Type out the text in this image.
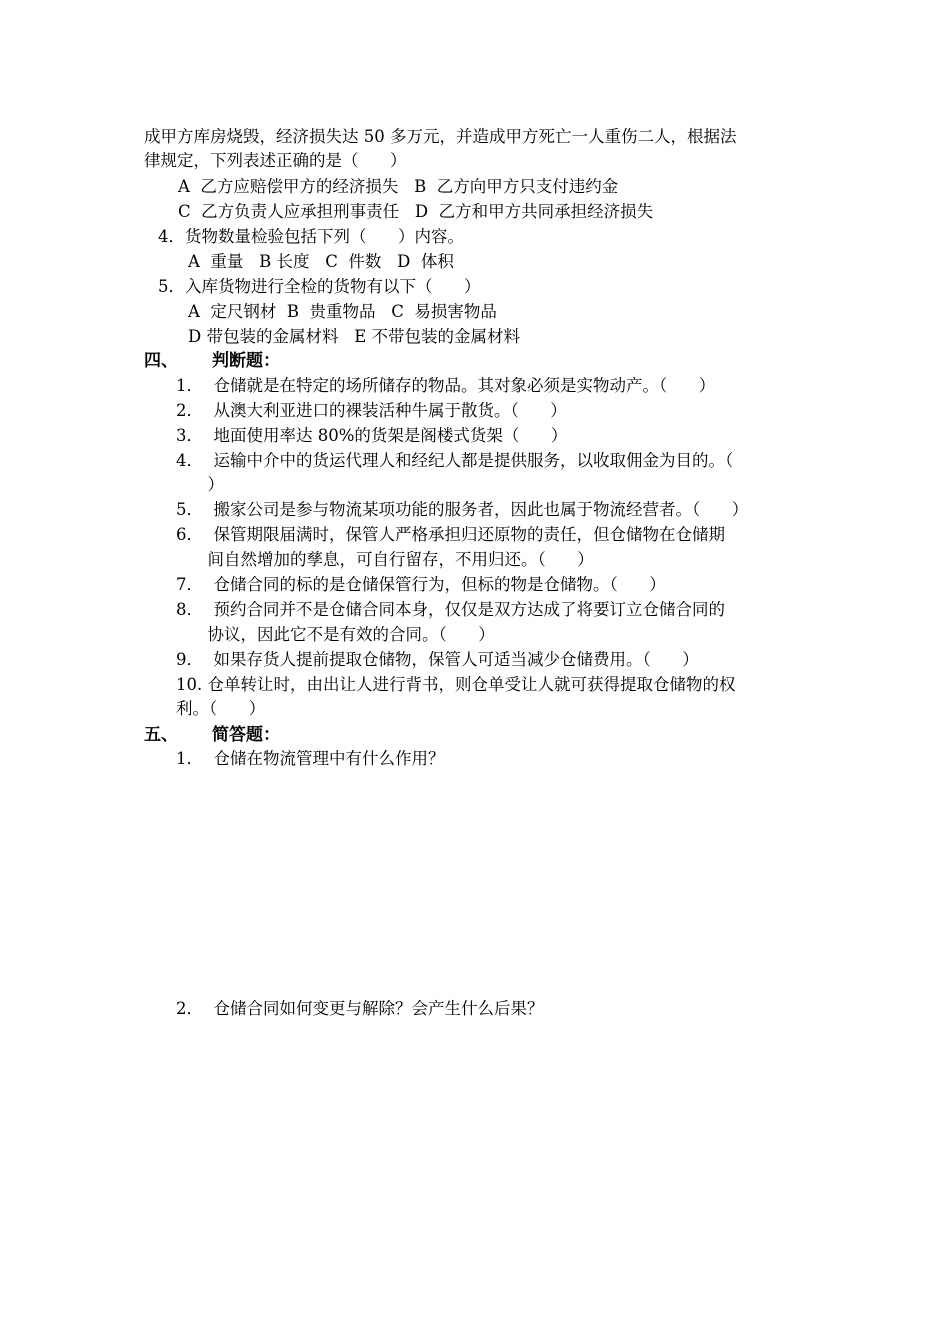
成甲方库房烧毁，经济损失达 50 多万元，并造成甲方死亡一人重伤二人，根据法
律规定，下列表述正确的是（      ）
A  乙方应赔偿甲方的经济损失   B  乙方向甲方只支付违约金
C  乙方负责人应承担刑事责任   D  乙方和甲方共同承担经济损失
4．货物数量检验包括下列（      ）内容。
A  重量   B 长度   C  件数   D  体积
5．入库货物进行全检的货物有以下（      ）
A  定尺钢材  B  贵重物品   C  易损害物品
D 带包装的金属材料   E 不带包装的金属材料
四、 判断题：
1．  仓储就是在特定的场所储存的物品。其对象必须是实物动产。（      ）
2．  从澳大利亚进口的裸装活种牛属于散货。（      ）
3．  地面使用率达 80%的货架是阁楼式货架（      ）
4．  运输中介中的货运代理人和经纪人都是提供服务，以收取佣金为目的。（
）
5．  搬家公司是参与物流某项功能的服务者，因此也属于物流经营者。（      ）
6．  保管期限届满时，保管人严格承担归还原物的责任，但仓储物在仓储期
间自然增加的孳息，可自行留存，不用归还。（      ）
7．  仓储合同的标的是仓储保管行为，但标的物是仓储物。（      ）
8．  预约合同并不是仓储合同本身，仅仅是双方达成了将要订立仓储合同的
协议，因此它不是有效的合同。（      ）
9．  如果存货人提前提取仓储物，保管人可适当减少仓储费用。（      ）
10. 仓单转让时，由出让人进行背书，则仓单受让人就可获得提取仓储物的权
利。（      ）
五、 简答题：
1．  仓储在物流管理中有什么作用？
2．  仓储合同如何变更与解除？会产生什么后果？
